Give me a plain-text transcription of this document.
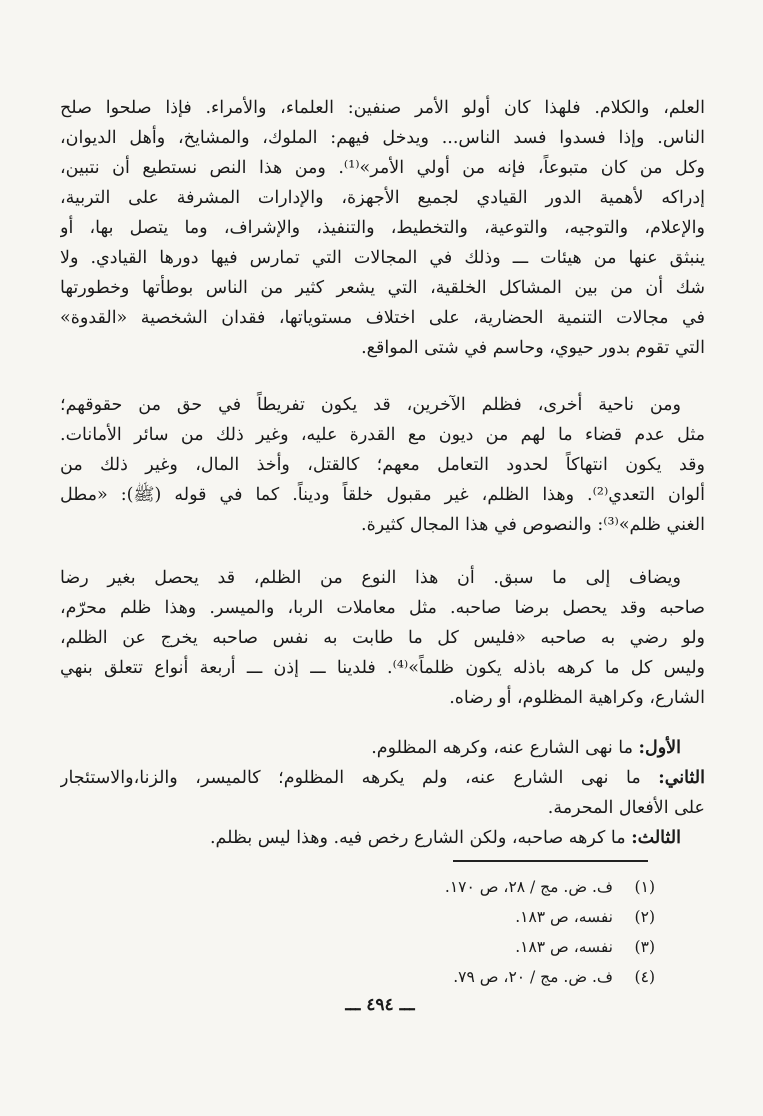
العلم، والكلام. فلهذا كان أولو الأمر صنفين: العلماء، والأمراء. فإذا صلحوا صلح
الناس. وإذا فسدوا فسد الناس... ويدخل فيهم: الملوك، والمشايخ، وأهل الديوان،
وكل من كان متبوعاً، فإنه من أولي الأمر»⁽¹⁾. ومن هذا النص نستطيع أن نتبين،
إدراكه لأهمية الدور القيادي لجميع الأجهزة، والإدارات المشرفة على التربية،
والإعلام، والتوجيه، والتوعية، والتخطيط، والتنفيذ، والإشراف، وما يتصل بها، أو
ينبثق عنها من هيئات ـــ وذلك في المجالات التي تمارس فيها دورها القيادي. ولا
شك أن من بين المشاكل الخلقية، التي يشعر كثير من الناس بوطأتها وخطورتها
في مجالات التنمية الحضارية، على اختلاف مستوياتها، فقدان الشخصية «القدوة»
التي تقوم بدور حيوي، وحاسم في شتى المواقع.
ومن ناحية أخرى، فظلم الآخرين، قد يكون تفريطاً في حق من حقوقهم؛
مثل عدم قضاء ما لهم من ديون مع القدرة عليه، وغير ذلك من سائر الأمانات.
وقد يكون انتهاكاً لحدود التعامل معهم؛ كالقتل، وأخذ المال، وغير ذلك من
ألوان التعدي⁽²⁾. وهذا الظلم، غير مقبول خلقاً وديناً. كما في قوله (ﷺ): «مطل
الغني ظلم»⁽³⁾: والنصوص في هذا المجال كثيرة.
ويضاف إلى ما سبق. أن هذا النوع من الظلم، قد يحصل بغير رضا
صاحبه وقد يحصل برضا صاحبه. مثل معاملات الربا، والميسر. وهذا ظلم محرّم،
ولو رضي به صاحبه «فليس كل ما طابت به نفس صاحبه يخرج عن الظلم،
وليس كل ما كرهه باذله يكون ظلماً»⁽⁴⁾. فلدينا ـــ إذن ـــ أربعة أنواع تتعلق بنهي
الشارع، وكراهية المظلوم، أو رضاه.
الأول: ما نهى الشارع عنه، وكرهه المظلوم.
الثاني: ما نهى الشارع عنه، ولم يكرهه المظلوم؛ كالميسر، والزنا،والاستئجار
على الأفعال المحرمة.
الثالث: ما كرهه صاحبه، ولكن الشارع رخص فيه. وهذا ليس بظلم.
(١)ف. ض. مج / ٢٨، ص ١٧٠.
(٢)نفسه، ص ١٨٣.
(٣)نفسه، ص ١٨٣.
(٤)ف. ض. مج / ٢٠، ص ٧٩.
ـــ ٤٩٤ ـــ
